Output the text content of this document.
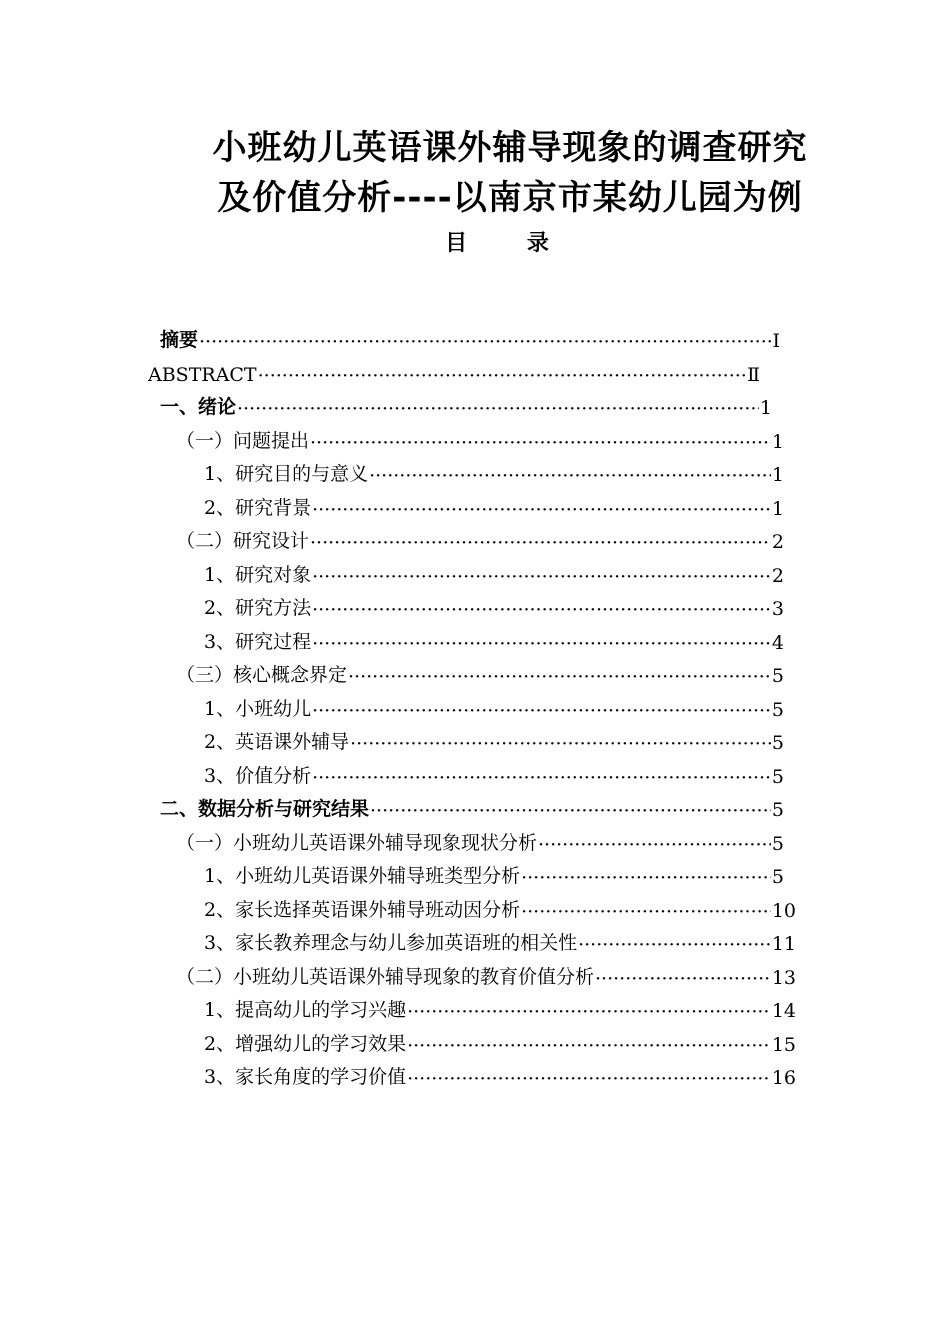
小班幼儿英语课外辅导现象的调查研究
及价值分析----以南京市某幼儿园为例
目 录
摘要 ·····	Ⅰ
ABSTRACT ·····	Ⅱ
一、绪论 ·····	1
（一）问题提出 ·····	1
1、研究目的与意义 ·····	1
2、研究背景 ·····	1
（二）研究设计 ·····	2
1、研究对象 ·····	2
2、研究方法 ·····	3
3、研究过程 ·····	4
（三）核心概念界定 ·····	5
1、小班幼儿 ·····	5
2、英语课外辅导 ·····	5
3、价值分析 ·····	5
二、数据分析与研究结果 ·····	5
（一）小班幼儿英语课外辅导现象现状分析 ·····	5
1、小班幼儿英语课外辅导班类型分析 ·····	5
2、家长选择英语课外辅导班动因分析 ·····	10
3、家长教养理念与幼儿参加英语班的相关性 ·····	11
（二）小班幼儿英语课外辅导现象的教育价值分析 ·····	13
1、提高幼儿的学习兴趣 ·····	14
2、增强幼儿的学习效果 ·····	15
3、家长角度的学习价值 ·····	16
